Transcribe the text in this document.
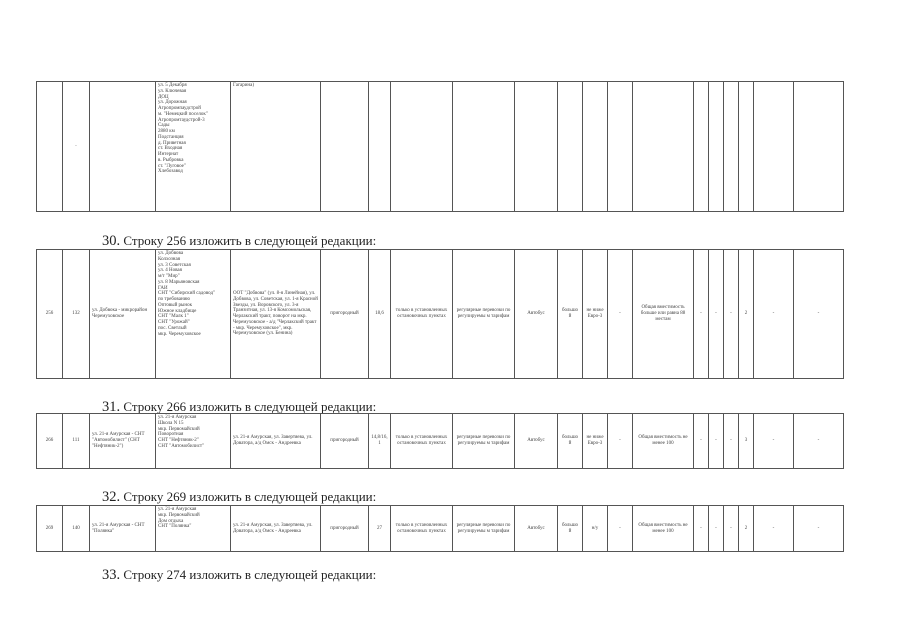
	-		ул. 5 Декабря
ул. Ключевая
ДОЦ
ул. Дорожная
Агропромпаудстрой
м. "Немецкий поселок"
Агропромтаудстрой-3
Сады
2880 км
Подстанция
д. Приветная
ст. Входная
Интернат
в. Рыбровка
ст. "Луговое"
Хлебозавод	Гагарина)															
30. Строку 256 изложить в следующей редакции:
256	132	ул. Добвока - микрорайон Черемуховское	ул. Добвова
Колхозная
ул. 3 Советская
ул. 4 Новая
м/т "Мир"
ул. 8 Марьяновская
ГАИ
СНТ "Сибирский садовод"
по требованию
Оптовый рынок
Южное кладбище
СНТ "Малк 1"
СНТ "Урожай"
пос. Светлый
мкр. Черемуховское	ООТ "Добвова" (ул. 8-я Линейная), ул. Добвова, ул. Советская, ул. 1-я Красной Звезды, ул. Воровского, ул. 3-я Транзитная, ул. 13-я Комсомольская, Черлакский тракт, поворот на мкр. Черемуховское - а/д "Черлакский тракт - мкр. Черемуховское", мкр. Черемуховское (ул. Бенина)	пригородный	18,6	только в установленных остановочных пунктах	регулярные перевозки по регулируемы м тарифам	Автобус	большо й	не ниже Евро-3	-	Общая вместимость больше или равна 88 местам	-	-	-	2	-	-
31. Строку 266 изложить в следующей редакции:
266	111	ул. 21-я Амурская - СНТ "Автомобилист" (СНТ "Нефтяник-2")	ул. 21-я Амурская
Школа N 15
мкр. Первомайский
Поворотная
СНТ "Нефтяник-2"
СНТ "Автомобилист"	ул. 21-я Амурская, ул. Завертяева, ул. Доватора, а/д Омск - Андреевка	пригородный	14,8/16, 1	только в установленных остановочных пунктах	регулярные перевозки по регулируемы м тарифам	Автобус	большо й	не ниже Евро-3	-	Общая вместимость не менее 100	-	-	-	3	-	-
32. Строку 269 изложить в следующей редакции:
269	140	ул. 21-я Амурская - СНТ "Полянка"	ул. 21-я Амурская
мкр. Первомайский
Дом отдыха
СНТ "Полянка"	ул. 21-я Амурская, ул. Завертяева, ул. Доватора, а/д Омск - Андреевка	пригородный	27	только в установленных остановочных пунктах	регулярные перевозки по регулируемы м тарифам	Автобус	большо й	н/у	-	Общая вместимость не менее 100	-	-	-	2	-	-
33. Строку 274 изложить в следующей редакции:
